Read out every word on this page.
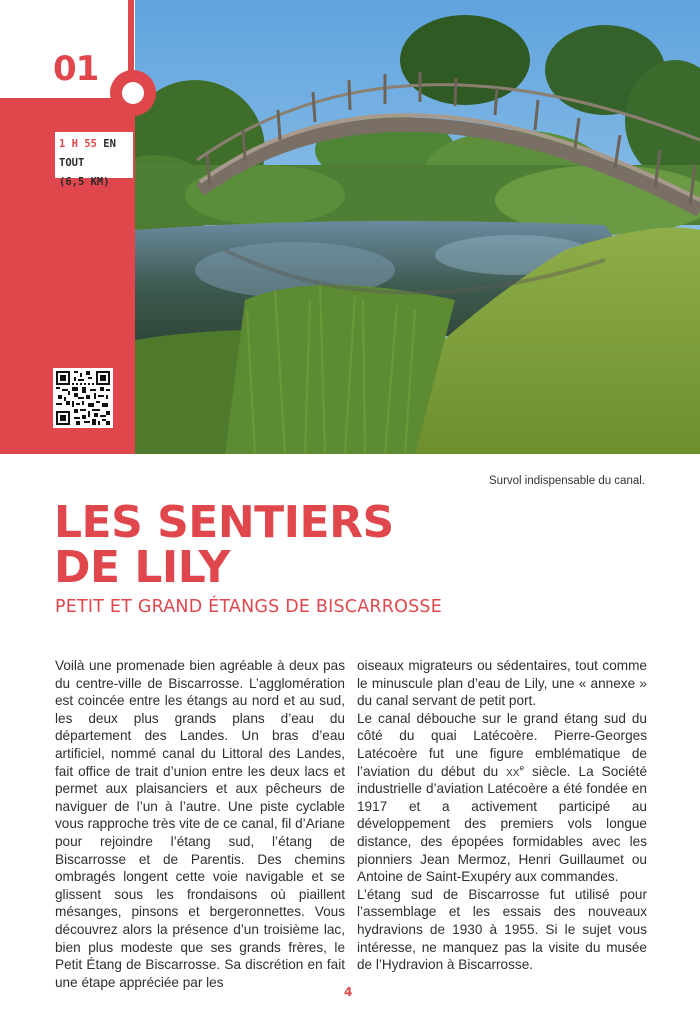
01
1 H 55 EN TOUT
(6,5 KM)
Survol indispensable du canal.
LES SENTIERS
DE LILY
PETIT ET GRAND ÉTANGS DE BISCARROSSE

Voilà une promenade bien agréable à deux pas du centre-ville de Biscarrosse. L’agglomération est coincée entre les étangs au nord et au sud, les deux plus grands plans d’eau du département des Landes. Un bras d’eau artificiel, nommé canal du Littoral des Landes, fait office de trait d’union entre les deux lacs et permet aux plaisanciers et aux pêcheurs de naviguer de l’un à l’autre. Une piste cyclable vous rapproche très vite de ce canal, fil d’Ariane pour rejoindre l’étang sud, l’étang de Biscarrosse et de Parentis. Des chemins ombragés longent cette voie navigable et se glissent sous les frondaisons où piaillent mésanges, pinsons et bergeronnettes. Vous découvrez alors la présence d’un troisième lac, bien plus modeste que ses grands frères, le Petit Étang de Biscarrosse. Sa discrétion en fait une étape appréciée par les

oiseaux migrateurs ou sédentaires, tout comme le minuscule plan d’eau de Lily, une « annexe » du canal servant de petit port.

Le canal débouche sur le grand étang sud du côté du quai Latécoère. Pierre-Georges Latécoère fut une figure emblématique de l’aviation du début du $xx^e$ siècle. La Société industrielle d’aviation Latécoère a été fondée en 1917 et a activement participé au développement des premiers vols longue distance, des épopées formidables avec les pionniers Jean Mermoz, Henri Guillaumet ou Antoine de Saint-Exupéry aux commandes.

L’étang sud de Biscarrosse fut utilisé pour l’assemblage et les essais des nouveaux hydravions de 1930 à 1955. Si le sujet vous intéresse, ne manquez pas la visite du musée de l’Hydravion à Biscarrosse.

4
